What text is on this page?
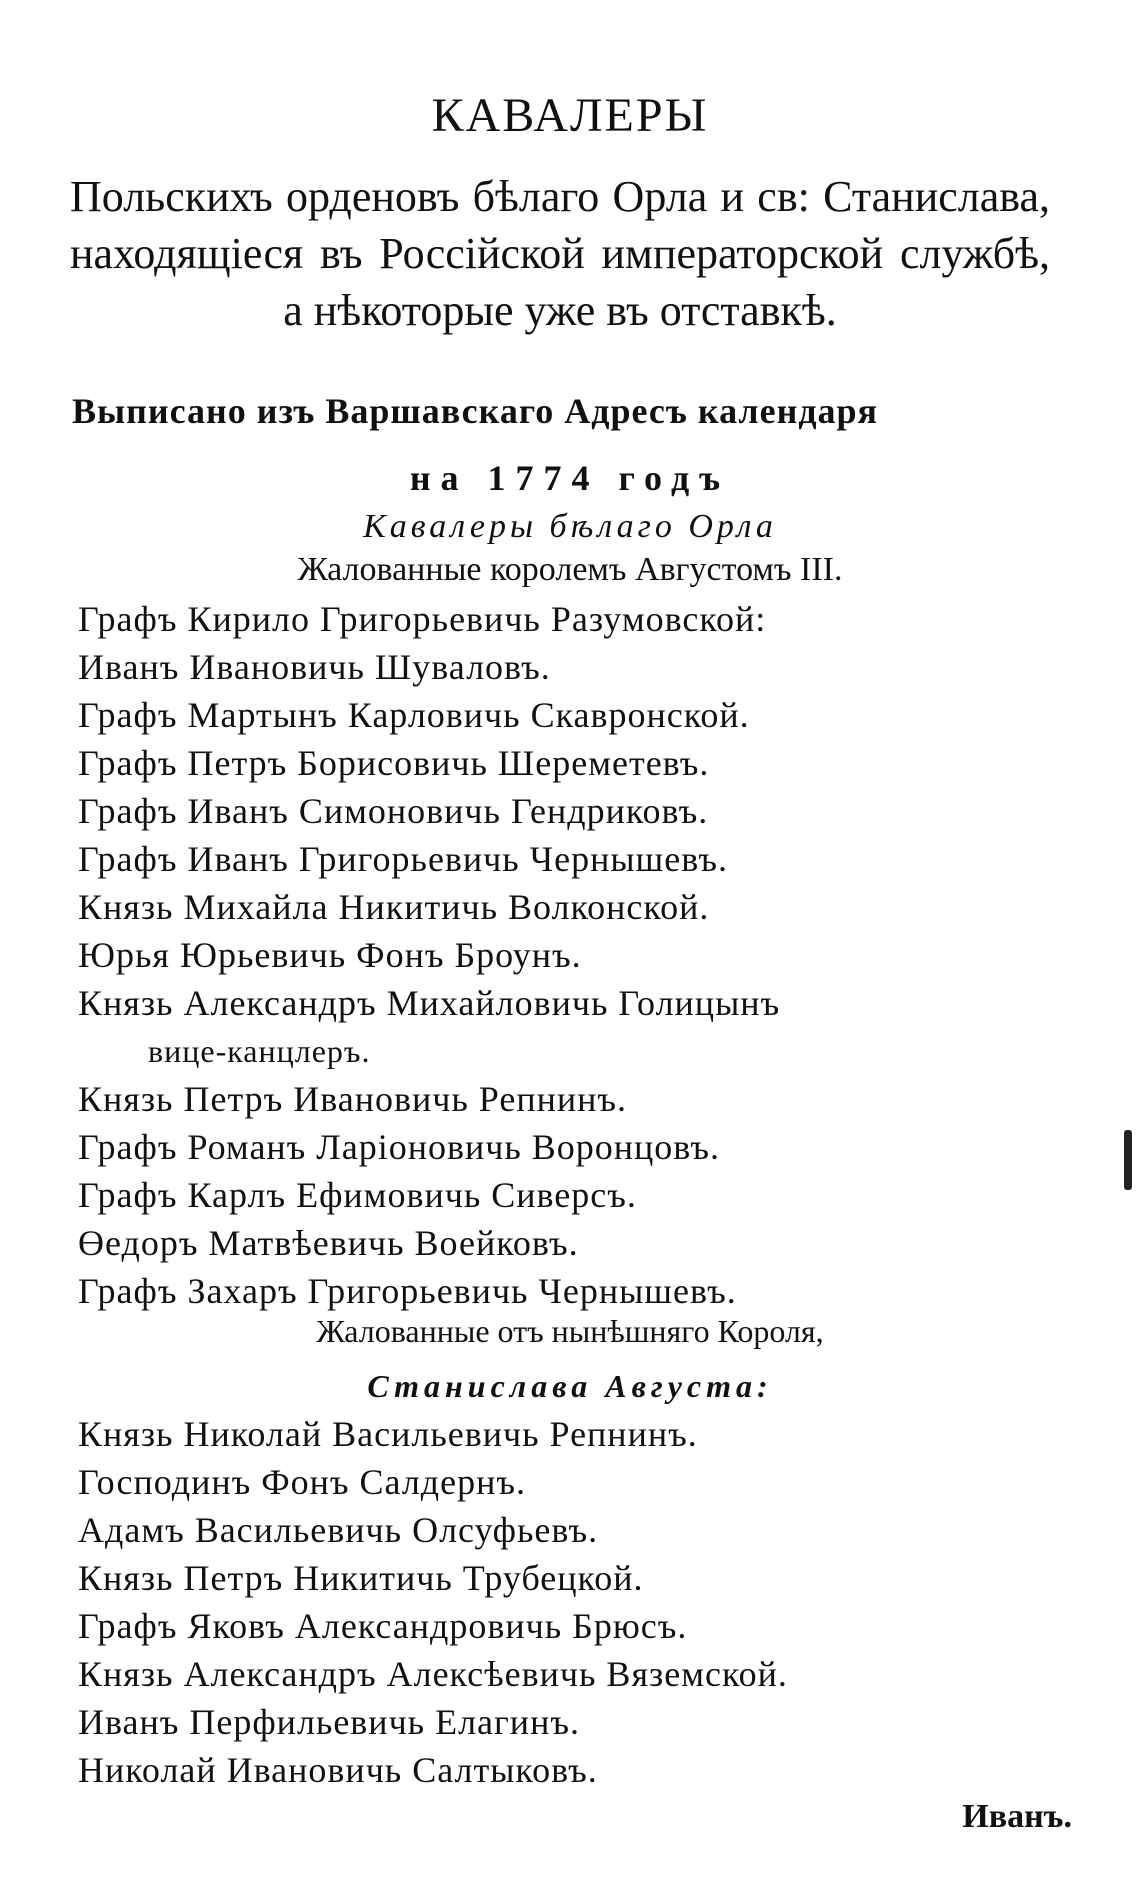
КАВАЛЕРЫ
Польскихъ орденовъ бѣлаго Орла и св: Станислава, находящiеся въ Россiйской императорской службѣ, а нѣкоторые уже въ отставкѣ.
Выписано изъ Варшавскаго Адресъ календаря
на 1774 годъ
Кавалеры бѣлаго Орла
Жалованные королемъ Августомъ III.
Графъ Кирило Григорьевичь Разумовской:
Иванъ Ивановичь Шуваловъ.
Графъ Мартынъ Карловичь Скавронской.
Графъ Петръ Борисовичь Шереметевъ.
Графъ Иванъ Симоновичь Гендриковъ.
Графъ Иванъ Григорьевичь Чернышевъ.
Князь Михайла Никитичь Волконской.
Юрья Юрьевичь Фонъ Броунъ.
Князь Александръ Михайловичь Голицынъ
вице-канцлеръ.
Князь Петръ Ивановичь Репнинъ.
Графъ Романъ Ларiоновичь Воронцовъ.
Графъ Карлъ Ефимовичь Сиверсъ.
Өедоръ Матвѣевичь Воейковъ.
Графъ Захаръ Григорьевичь Чернышевъ.
Жалованные отъ нынѣшняго Короля,
Станислава Августа:
Князь Николай Васильевичь Репнинъ.
Господинъ Фонъ Салдернъ.
Адамъ Васильевичь Олсуфьевъ.
Князь Петръ Никитичь Трубецкой.
Графъ Яковъ Александровичь Брюсъ.
Князь Александръ Алексѣевичь Вяземской.
Иванъ Перфильевичь Елагинъ.
Николай Ивановичь Салтыковъ.
Иванъ.
